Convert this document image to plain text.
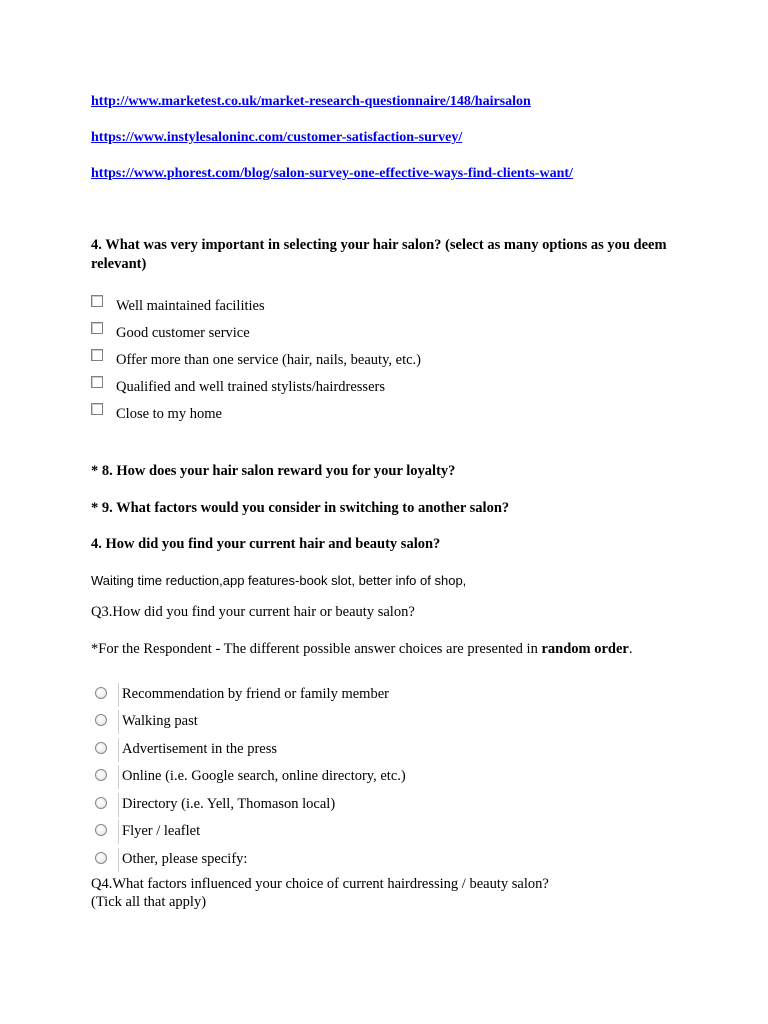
http://www.marketest.co.uk/market-research-questionnaire/148/hairsalon
https://www.instylesaloninc.com/customer-satisfaction-survey/
https://www.phorest.com/blog/salon-survey-one-effective-ways-find-clients-want/
4. What was very important in selecting your hair salon? (select as many options as you deem relevant)
Well maintained facilities
Good customer service
Offer more than one service (hair, nails, beauty, etc.)
Qualified and well trained stylists/hairdressers
Close to my home
* 8. How does your hair salon reward you for your loyalty?
* 9. What factors would you consider in switching to another salon?
4. How did you find your current hair and beauty salon?
Waiting time reduction,app features-book slot, better info of shop,
Q3.How did you find your current hair or beauty salon?
*For the Respondent - The different possible answer choices are presented in random order.
Recommendation by friend or family member
Walking past
Advertisement in the press
Online (i.e. Google search, online directory, etc.)
Directory (i.e. Yell, Thomason local)
Flyer / leaflet
Other, please specify:
Q4.What factors influenced your choice of current hairdressing / beauty salon?
(Tick all that apply)
